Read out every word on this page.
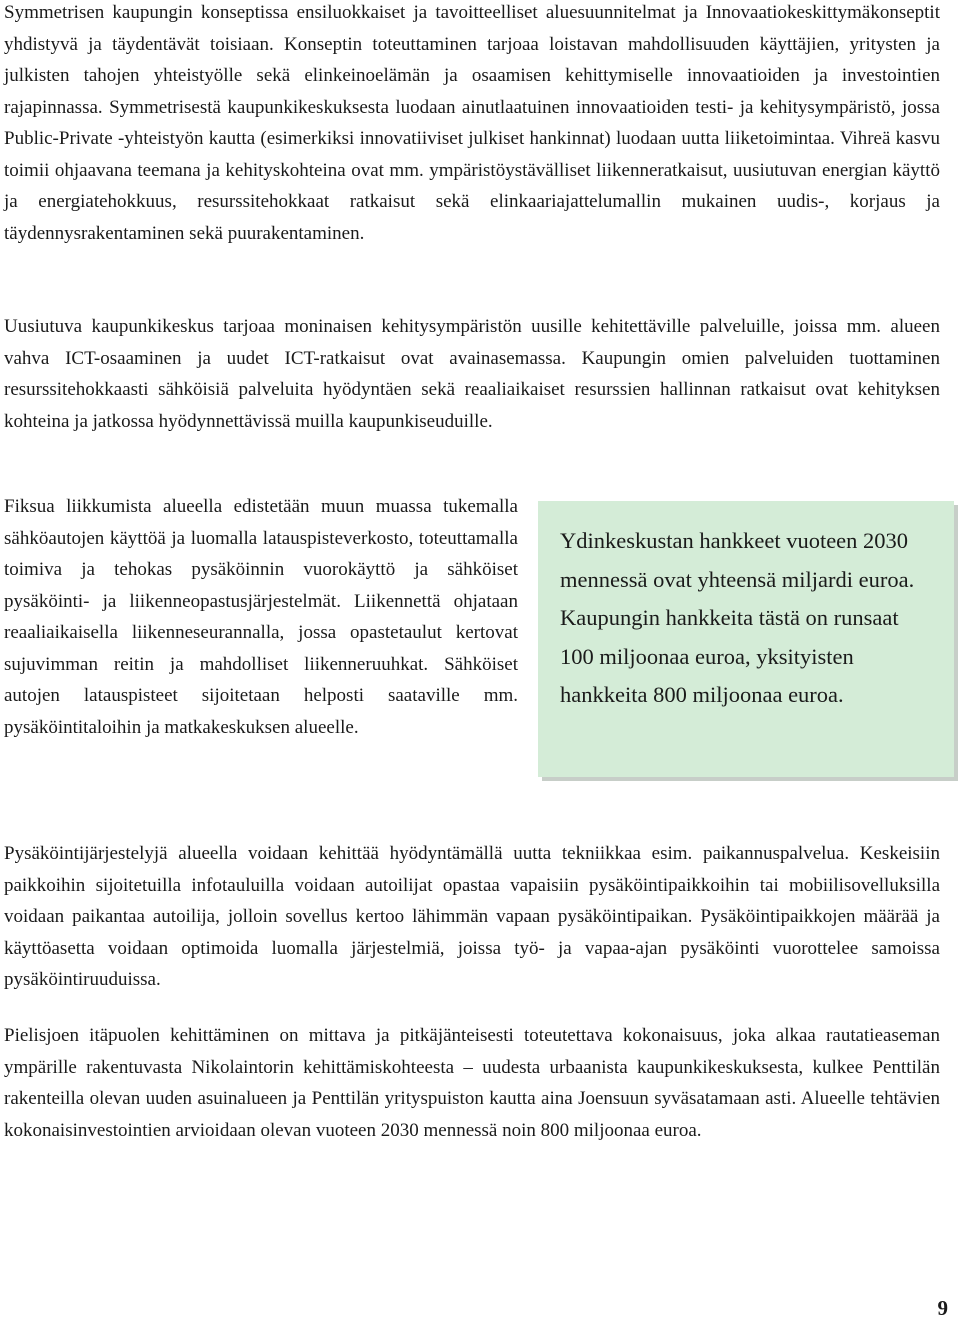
Symmetrisen kaupungin konseptissa ensiluokkaiset ja tavoitteelliset aluesuunnitelmat ja Innovaatiokeskittymäkonseptit yhdistyvä ja täydentävät toisiaan. Konseptin toteuttaminen tarjoaa loistavan mahdollisuuden käyttäjien, yritysten ja julkisten tahojen yhteistyölle sekä elinkeinoelämän ja osaamisen kehittymiselle innovaatioiden ja investointien rajapinnassa. Symmetrisestä kaupunkikeskuksesta luodaan ainutlaatuinen innovaatioiden testi- ja kehitysympäristö, jossa Public-Private -yhteistyön kautta (esimerkiksi innovatiiviset julkiset hankinnat) luodaan uutta liiketoimintaa. Vihreä kasvu toimii ohjaavana teemana ja kehityskohteina ovat mm. ympäristöystävälliset liikenneratkaisut, uusiutuvan energian käyttö ja energiatehokkuus, resurssitehokkaat ratkaisut sekä elinkaariajattelumallin mukainen uudis-, korjaus ja täydennysrakentaminen sekä puurakentaminen.

Uusiutuva kaupunkikeskus tarjoaa moninaisen kehitysympäristön uusille kehitettäville palveluille, joissa mm. alueen vahva ICT-osaaminen ja uudet ICT-ratkaisut ovat avainasemassa. Kaupungin omien palveluiden tuottaminen resurssitehokkaasti sähköisiä palveluita hyödyntäen sekä reaaliaikaiset resurssien hallinnan ratkaisut ovat kehityksen kohteina ja jatkossa hyödynnettävissä muilla kaupunkiseuduille.

Fiksua liikkumista alueella edistetään muun muassa tukemalla sähköautojen käyttöä ja luomalla latauspisteverkosto, toteuttamalla toimiva ja tehokas pysäköinnin vuorokäyttö ja sähköiset pysäköinti- ja liikenneopastusjärjestelmät. Liikennettä ohjataan reaaliaikaisella liikenneseurannalla, jossa opastetaulut kertovat sujuvimman reitin ja mahdolliset liikenneruuhkat. Sähköiset autojen latauspisteet sijoitetaan helposti saataville mm. pysäköintitaloihin ja matkakeskuksen alueelle.

Ydinkeskustan hankkeet vuoteen 2030 mennessä ovat yhteensä miljardi euroa. Kaupungin hankkeita tästä on runsaat 100 miljoonaa euroa, yksityisten hankkeita 800 miljoonaa euroa.

Pysäköintijärjestelyjä alueella voidaan kehittää hyödyntämällä uutta tekniikkaa esim. paikannuspalvelua. Keskeisiin paikkoihin sijoitetuilla infotauluilla voidaan autoilijat opastaa vapaisiin pysäköintipaikkoihin tai mobiilisovelluksilla voidaan paikantaa autoilija, jolloin sovellus kertoo lähimmän vapaan pysäköintipaikan. Pysäköintipaikkojen määrää ja käyttöasetta voidaan optimoida luomalla järjestelmiä, joissa työ- ja vapaa-ajan pysäköinti vuorottelee samoissa pysäköintiruuduissa.

Pielisjoen itäpuolen kehittäminen on mittava ja pitkäjänteisesti toteutettava kokonaisuus, joka alkaa rautatieaseman ympärille rakentuvasta Nikolaintorin kehittämiskohteesta – uudesta urbaanista kaupunkikeskuksesta, kulkee Penttilän rakenteilla olevan uuden asuinalueen ja Penttilän yrityspuiston kautta aina Joensuun syväsatamaan asti. Alueelle tehtävien kokonaisinvestointien arvioidaan olevan vuoteen 2030 mennessä noin 800 miljoonaa euroa.

9
